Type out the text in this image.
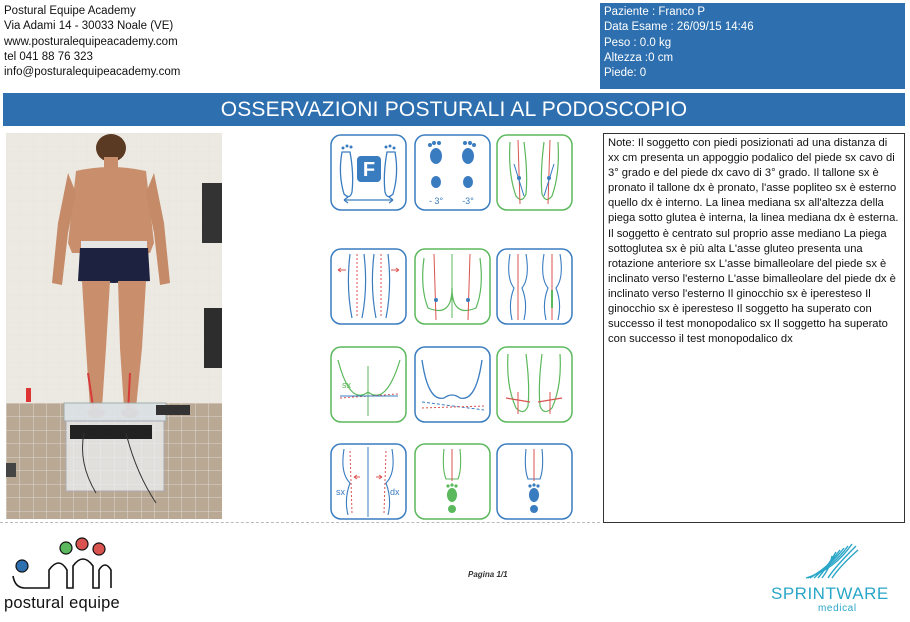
Postural Equipe Academy
Via Adami 14 - 30033 Noale (VE)
www.posturalequipeacademy.com
tel 041 88 76 323
info@posturalequipeacademy.com
Paziente : Franco P
Data Esame : 26/09/15 14:46
Peso : 0.0 kg
Altezza :0 cm
Piede: 0
OSSERVAZIONI POSTURALI AL PODOSCOPIO
F
- 3° -3°
sx
sx	dx
Note: Il soggetto con piedi posizionati ad una distanza di xx cm presenta un appoggio podalico del piede sx cavo di 3° grado e del piede dx cavo di 3° grado. Il tallone sx è pronato il tallone dx è pronato, l'asse popliteo sx è esterno quello dx è interno. La linea mediana sx all'altezza della piega sotto glutea è interna, la linea mediana dx è esterna. Il soggetto è centrato sul proprio asse mediano La piega sottoglutea sx è più alta L'asse gluteo presenta una rotazione anteriore sx L'asse bimalleolare del piede sx è inclinato verso l'esterno L'asse bimalleolare del piede dx è inclinato verso l'esterno Il ginocchio sx è iperesteso Il ginocchio sx è iperesteso Il soggetto ha superato con successo il test monopodalico sx Il soggetto ha superato con successo il test monopodalico dx
postural equipe
Pagina 1/1
SPRINTWARE
medical
